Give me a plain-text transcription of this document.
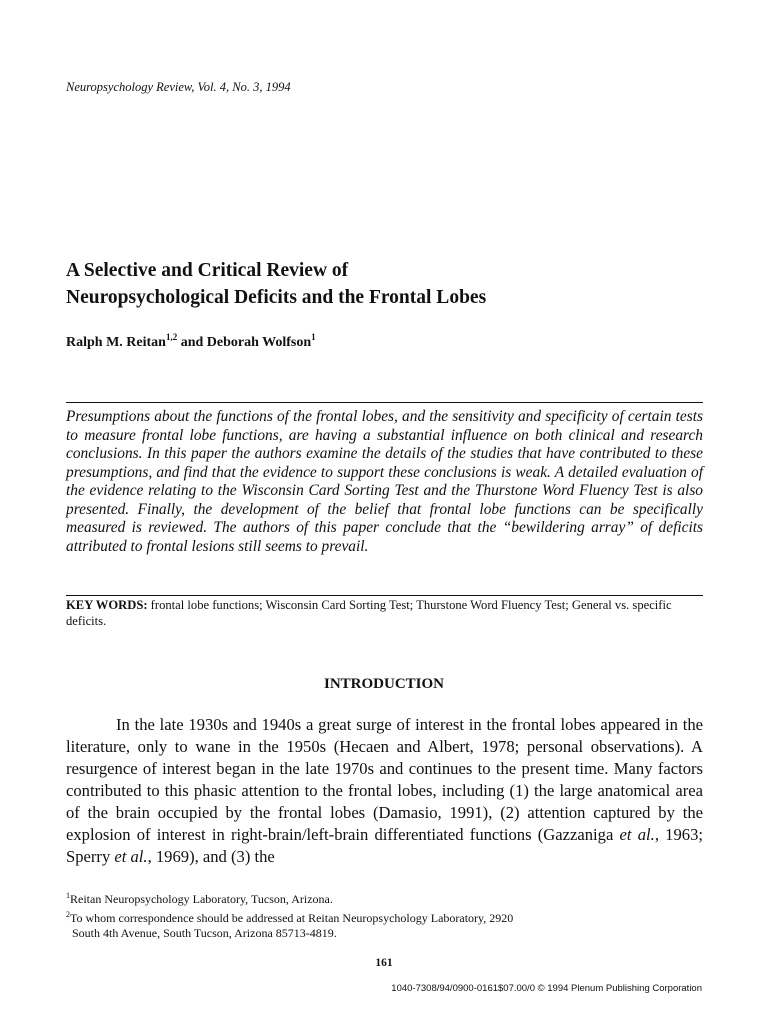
Neuropsychology Review, Vol. 4, No. 3, 1994
A Selective and Critical Review of
Neuropsychological Deficits and the Frontal Lobes
Ralph M. Reitan$^{1,2}$ and Deborah Wolfson$^1$

Presumptions about the functions of the frontal lobes, and the sensitivity and specificity of certain tests to measure frontal lobe functions, are having a substantial influence on both clinical and research conclusions. In this paper the authors examine the details of the studies that have contributed to these presumptions, and find that the evidence to support these conclusions is weak. A detailed evaluation of the evidence relating to the Wisconsin Card Sorting Test and the Thurstone Word Fluency Test is also presented. Finally, the development of the belief that frontal lobe functions can be specifically measured is reviewed. The authors of this paper conclude that the “bewildering array” of deficits attributed to frontal lesions still seems to prevail.

KEY WORDS: frontal lobe functions; Wisconsin Card Sorting Test; Thurstone Word Fluency Test; General vs. specific deficits.

INTRODUCTION

In the late 1930s and 1940s a great surge of interest in the frontal lobes appeared in the literature, only to wane in the 1950s (Hecaen and Albert, 1978; personal observations). A resurgence of interest began in the late 1970s and continues to the present time. Many factors contributed to this phasic attention to the frontal lobes, including (1) the large anatomical area of the brain occupied by the frontal lobes (Damasio, 1991), (2) attention captured by the explosion of interest in right-brain/left-brain differentiated functions (Gazzaniga et al., 1963; Sperry et al., 1969), and (3) the

$^1$Reitan Neuropsychology Laboratory, Tucson, Arizona.
$^2$To whom correspondence should be addressed at Reitan Neuropsychology Laboratory, 2920
South 4th Avenue, South Tucson, Arizona 85713-4819.
161
1040-7308/94/0900-0161$07.00/0 © 1994 Plenum Publishing Corporation
